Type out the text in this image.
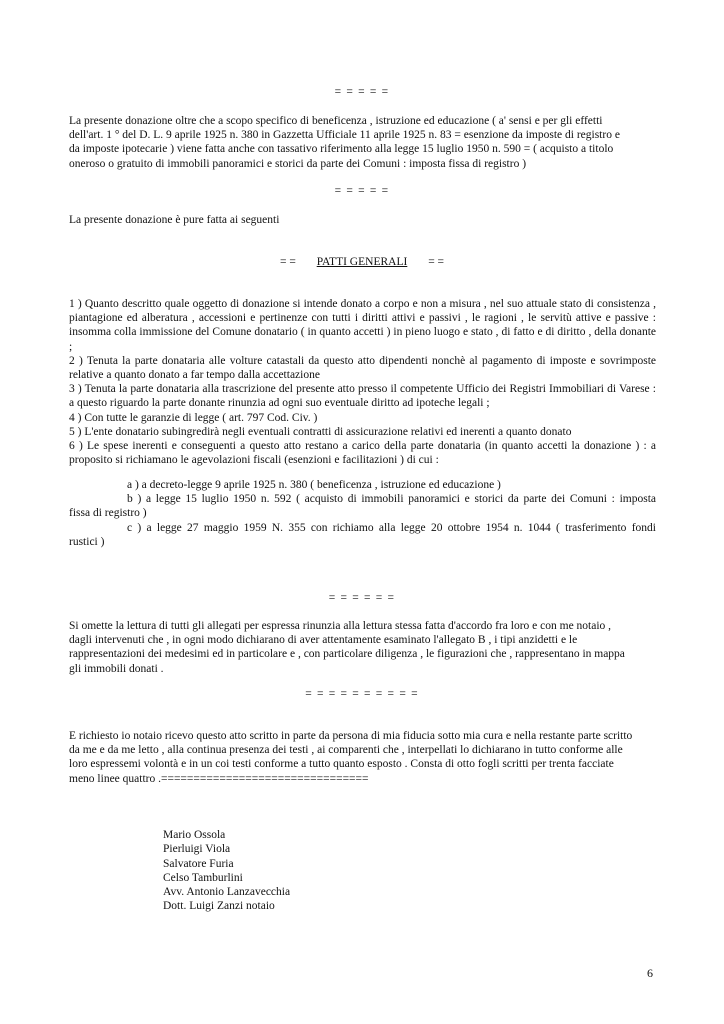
= = = = =
La presente donazione oltre che a scopo specifico di beneficenza , istruzione ed educazione ( a' sensi e per gli effetti
dell'art. 1 ° del D. L. 9 aprile 1925 n. 380 in Gazzetta Ufficiale 11 aprile 1925 n. 83 = esenzione da imposte di registro e
da imposte ipotecarie ) viene fatta anche con tassativo riferimento alla legge 15 luglio 1950 n. 590 = ( acquisto a titolo
oneroso o gratuito di immobili panoramici e storici da parte dei Comuni : imposta fissa di registro )
= = = = =
La presente donazione è pure fatta ai seguenti
= = PATTI GENERALI = =
1 ) Quanto descritto quale oggetto di donazione si intende donato a corpo e non a misura , nel suo attuale stato di consistenza , piantagione ed alberatura , accessioni e pertinenze con tutti i diritti attivi e passivi , le ragioni , le servitù attive e passive : insomma colla immissione del Comune donatario ( in quanto accetti ) in pieno luogo e stato , di fatto e di diritto , della donante ;
2 ) Tenuta la parte donataria alle volture catastali da questo atto dipendenti nonchè al pagamento di imposte e sovrimposte relative a quanto donato a far tempo dalla accettazione
3 ) Tenuta la parte donataria alla trascrizione del presente atto presso il competente Ufficio dei Registri Immobiliari di Varese : a questo riguardo la parte donante rinunzia ad ogni suo eventuale diritto ad ipoteche legali ;
4 ) Con tutte le garanzie di legge ( art. 797 Cod. Civ. )
5 ) L'ente donatario subingredirà negli eventuali contratti di assicurazione relativi ed inerenti a quanto donato
6 ) Le spese inerenti e conseguenti a questo atto restano a carico della parte donataria (in quanto accetti la donazione ) : a proposito si richiamano le agevolazioni fiscali (esenzioni e facilitazioni ) di cui :
a ) a decreto-legge 9 aprile 1925 n. 380 ( beneficenza , istruzione ed educazione )
b ) a legge 15 luglio 1950 n. 592 ( acquisto di immobili panoramici e storici da parte dei Comuni : imposta
fissa di registro )
c ) a legge 27 maggio 1959 N. 355 con richiamo alla legge 20 ottobre 1954 n. 1044 ( trasferimento fondi
rustici )
= = = = = =
Si omette la lettura di tutti gli allegati per espressa rinunzia alla lettura stessa fatta d'accordo fra loro e con me notaio ,
dagli intervenuti che , in ogni modo dichiarano di aver attentamente esaminato l'allegato B , i tipi anzidetti e le
rappresentazioni dei medesimi ed in particolare e , con particolare diligenza , le figurazioni che , rappresentano in mappa
gli immobili donati .
= = = = = = = = = =
E richiesto io notaio ricevo questo atto scritto in parte da persona di mia fiducia sotto mia cura e nella restante parte scritto
da me e da me letto , alla continua presenza dei testi , ai comparenti che , interpellati lo dichiarano in tutto conforme alle
loro espressemi volontà e in un coi testi conforme a tutto quanto esposto . Consta di otto fogli scritti per trenta facciate
meno linee quattro .================================
Mario Ossola
Pierluigi Viola
Salvatore Furia
Celso Tamburlini
Avv. Antonio Lanzavecchia
Dott. Luigi Zanzi notaio
6
